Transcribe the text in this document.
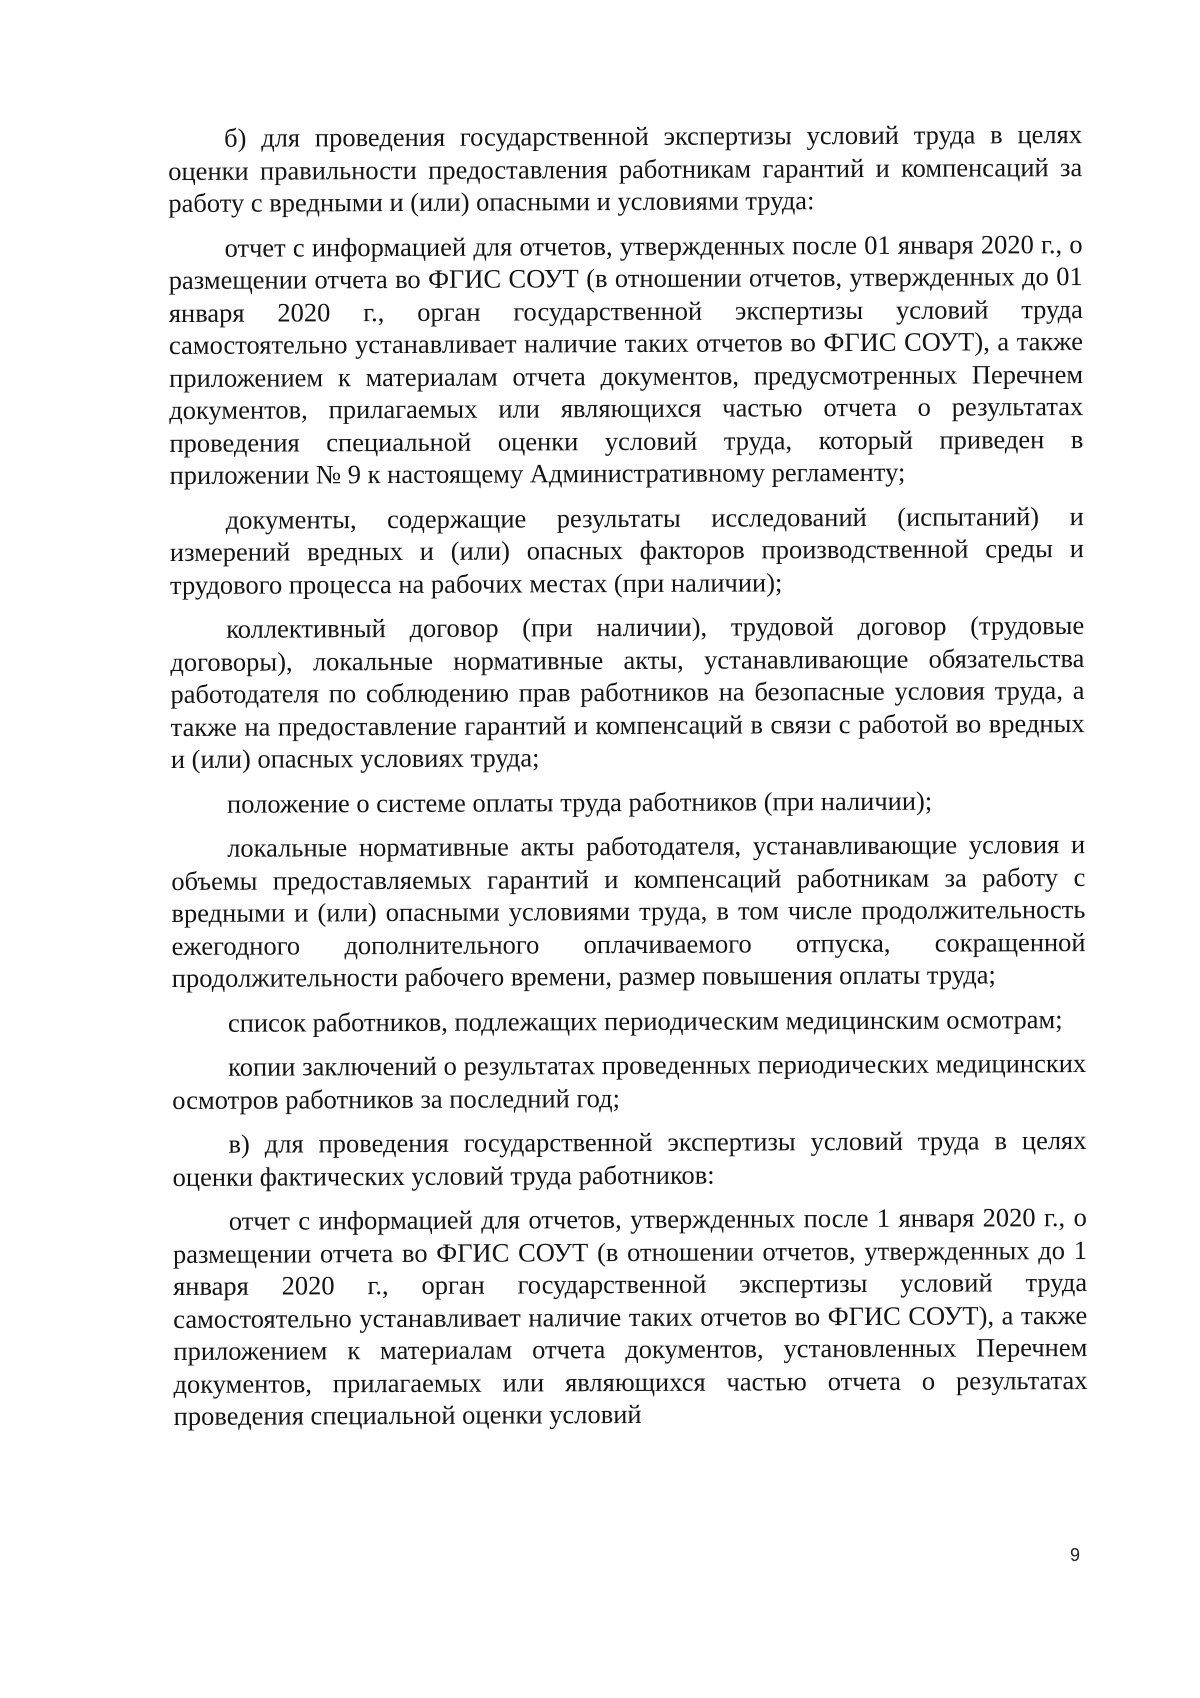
б) для проведения государственной экспертизы условий труда в целях оценки правильности предоставления работникам гарантий и компенсаций за работу с вредными и (или) опасными и условиями труда:

отчет с информацией для отчетов, утвержденных после 01 января 2020 г., о размещении отчета во ФГИС СОУТ (в отношении отчетов, утвержденных до 01 января 2020 г., орган государственной экспертизы условий труда самостоятельно устанавливает наличие таких отчетов во ФГИС СОУТ), а также приложением к материалам отчета документов, предусмотренных Перечнем документов, прилагаемых или являющихся частью отчета о результатах проведения специальной оценки условий труда, который приведен в приложении № 9 к настоящему Административному регламенту;

документы, содержащие результаты исследований (испытаний) и измерений вредных и (или) опасных факторов производственной среды и трудового процесса на рабочих местах (при наличии);

коллективный договор (при наличии), трудовой договор (трудовые договоры), локальные нормативные акты, устанавливающие обязательства работодателя по соблюдению прав работников на безопасные условия труда, а также на предоставление гарантий и компенсаций в связи с работой во вредных и (или) опасных условиях труда;

положение о системе оплаты труда работников (при наличии);

локальные нормативные акты работодателя, устанавливающие условия и объемы предоставляемых гарантий и компенсаций работникам за работу с вредными и (или) опасными условиями труда, в том числе продолжительность ежегодного дополнительного оплачиваемого отпуска, сокращенной продолжительности рабочего времени, размер повышения оплаты труда;

список работников, подлежащих периодическим медицинским осмотрам;

копии заключений о результатах проведенных периодических медицинских осмотров работников за последний год;

в) для проведения государственной экспертизы условий труда в целях оценки фактических условий труда работников:

отчет с информацией для отчетов, утвержденных после 1 января 2020 г., о размещении отчета во ФГИС СОУТ (в отношении отчетов, утвержденных до 1 января 2020 г., орган государственной экспертизы условий труда самостоятельно устанавливает наличие таких отчетов во ФГИС СОУТ), а также приложением к материалам отчета документов, установленных Перечнем документов, прилагаемых или являющихся частью отчета о результатах проведения специальной оценки условий

9
